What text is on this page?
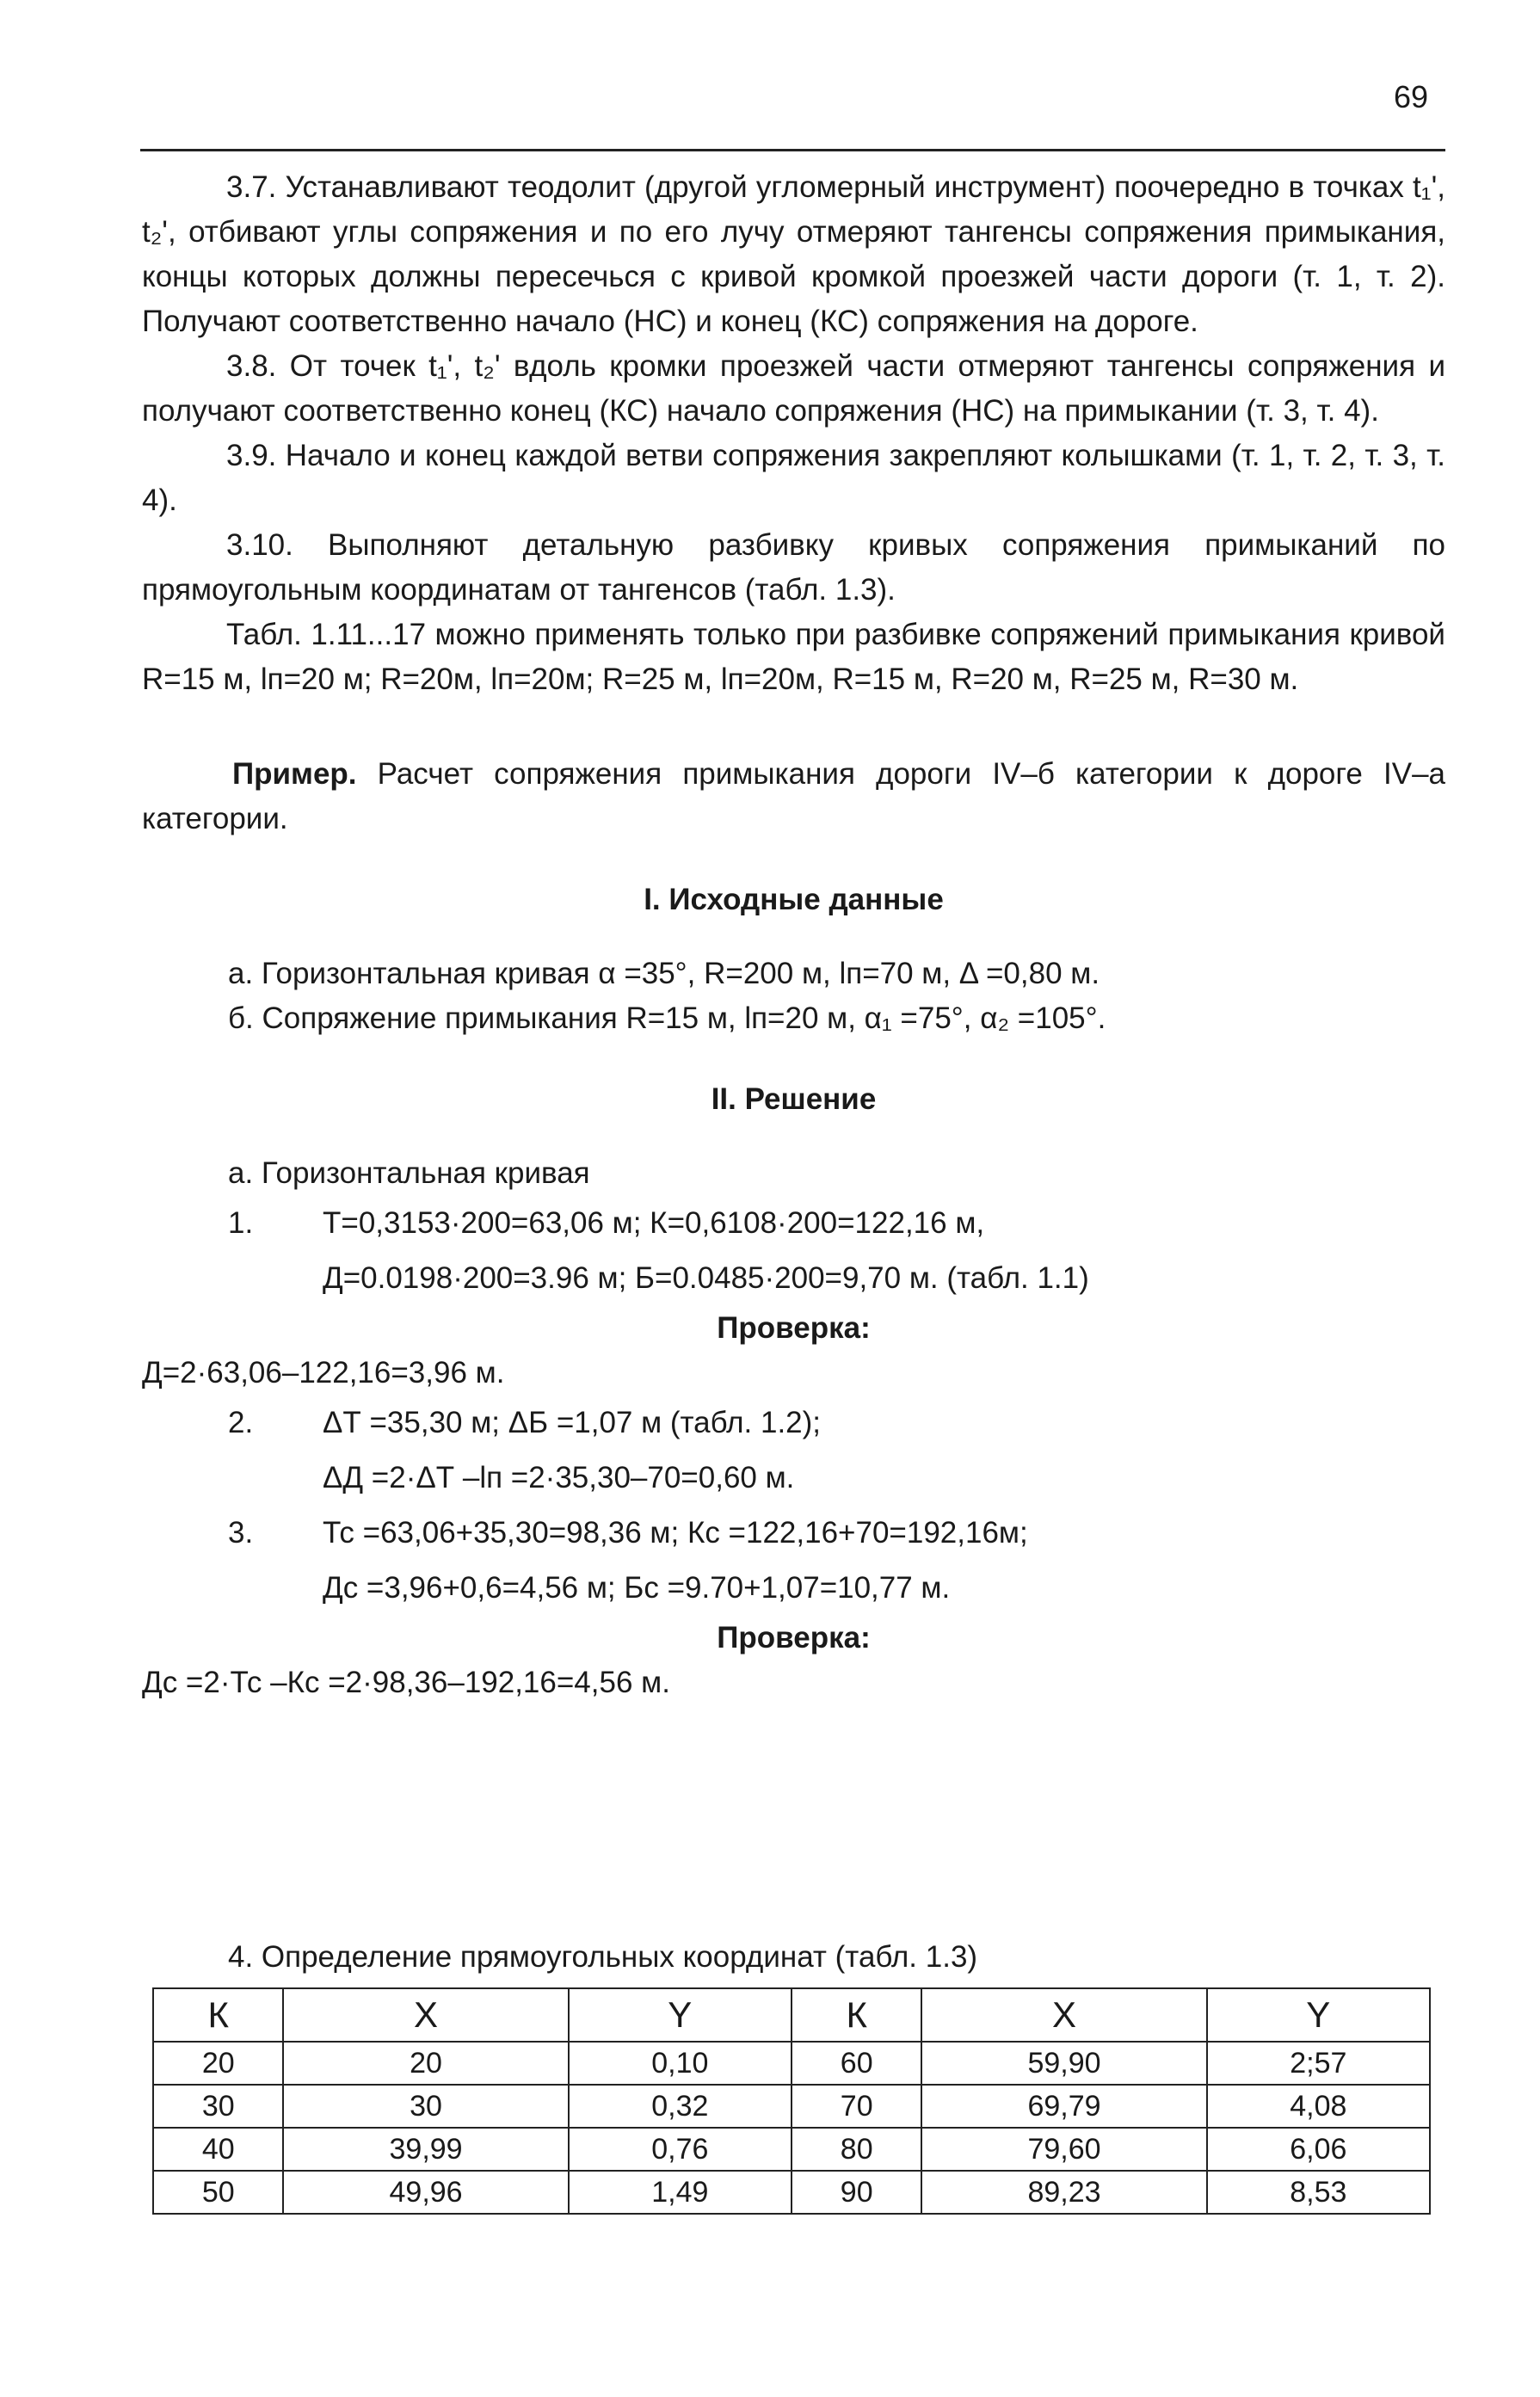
69

3.7. Устанавливают теодолит (другой угломерный инструмент) поочередно в точках t₁', t₂', отбивают углы сопряжения и по его лучу отмеряют тангенсы сопряжения примыкания, концы которых должны пересечься с кривой кромкой проезжей части дороги (т. 1, т. 2). Получают соответственно начало (НС) и конец (КС) сопряжения на дороге.

3.8. От точек t₁', t₂' вдоль кромки проезжей части отмеряют тангенсы сопряжения и получают соответственно конец (КС) начало сопряжения (НС) на примыкании (т. 3, т. 4).

3.9. Начало и конец каждой ветви сопряжения закрепляют колышками (т. 1, т. 2, т. 3, т. 4).

3.10. Выполняют детальную разбивку кривых сопряжения примыканий по прямоугольным координатам от тангенсов (табл. 1.3).

Табл. 1.11...17 можно применять только при разбивке сопряжений примыкания кривой R=15 м, lп=20 м; R=20м, lп=20м; R=25 м, lп=20м, R=15 м, R=20 м, R=25 м, R=30 м.

Пример. Расчет сопряжения примыкания дороги IV–б категории к дороге IV–а категории.

I. Исходные данные
а. Горизонтальная кривая α =35°, R=200 м, lп=70 м, Δ =0,80 м.
б. Сопряжение примыкания R=15 м, lп=20 м, α₁ =75°, α₂ =105°.
II. Решение
а. Горизонтальная кривая
1.	Т=0,3153·200=63,06 м; К=0,6108·200=122,16 м,
Д=0.0198·200=3.96 м; Б=0.0485·200=9,70 м. (табл. 1.1)
Проверка:
Д=2·63,06–122,16=3,96 м.
2.	ΔТ =35,30 м; ΔБ =1,07 м (табл. 1.2);
ΔД =2·ΔТ –lп =2·35,30–70=0,60 м.
3.	Тс =63,06+35,30=98,36 м; Кс =122,16+70=192,16м;
Дс =3,96+0,6=4,56 м; Бс =9.70+1,07=10,77 м.
Проверка:
Дс =2·Тс –Кс =2·98,36–192,16=4,56 м.
4. Определение прямоугольных координат (табл. 1.3)
К	X	Y	К	X	Y
20	20	0,10	60	59,90	2;57
30	30	0,32	70	69,79	4,08
40	39,99	0,76	80	79,60	6,06
50	49,96	1,49	90	89,23	8,53
